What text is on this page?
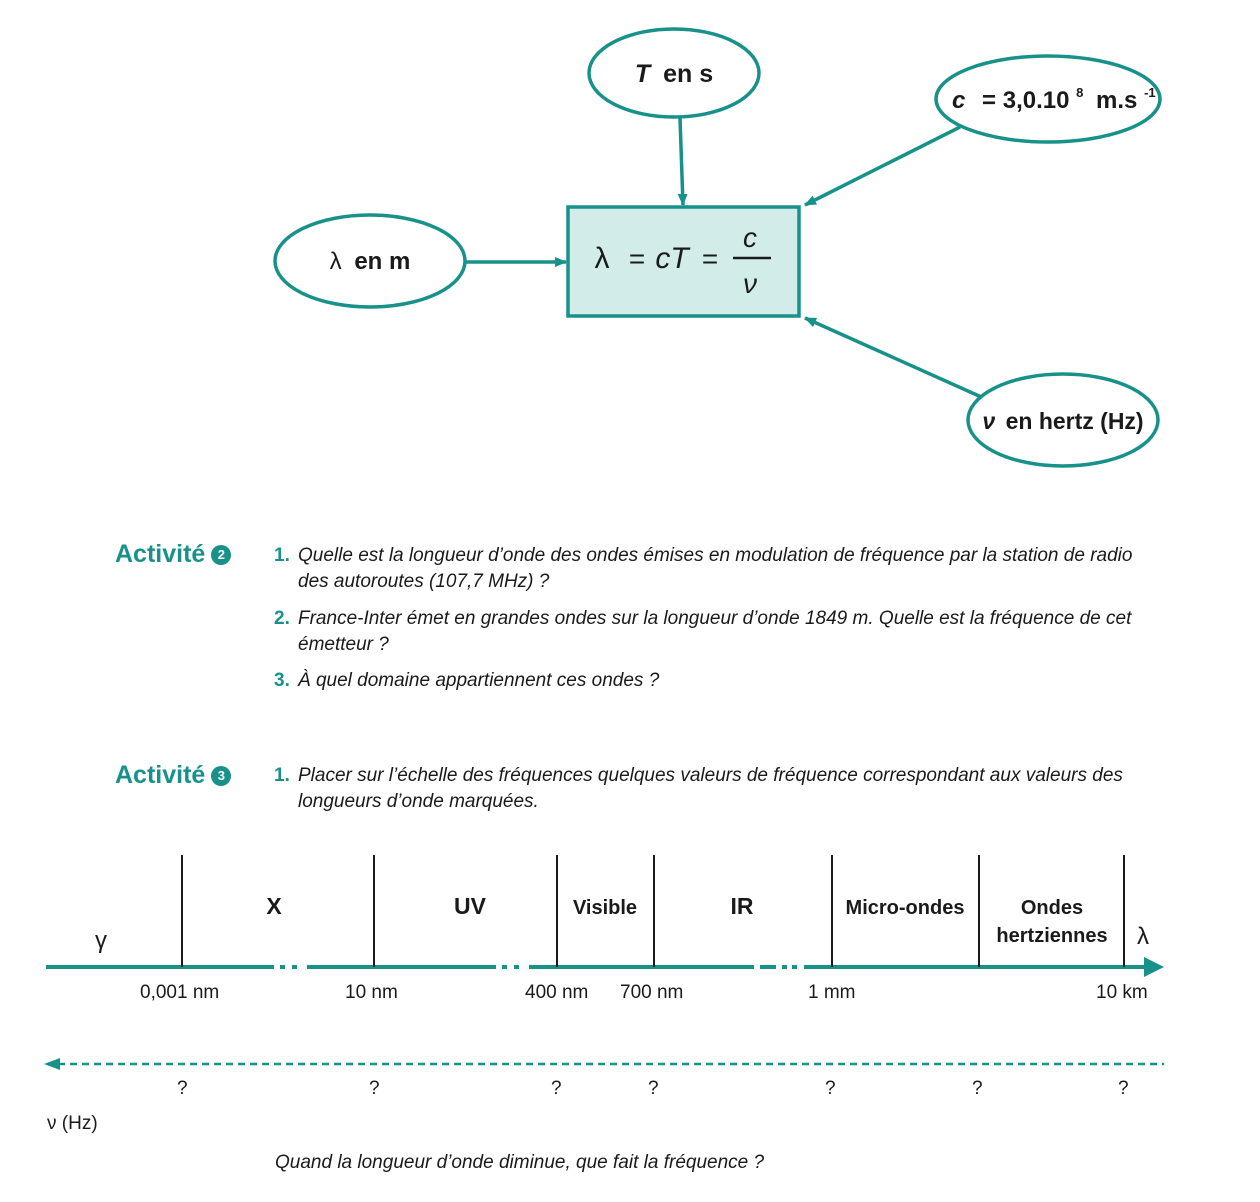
T en s
c = 3,0.10 $^8$ m.s $^{-1}$
λ en m
ν en hertz (Hz)
λ = cT =
c
ν
Activité 2	1. Quelle est la longueur d’onde des ondes émises en modulation de fréquence par la station de radio des autoroutes (107,7 MHz) ?
2. France-Inter émet en grandes ondes sur la longueur d’onde 1849 m. Quelle est la fréquence de cet émetteur ?
3. À quel domaine appartiennent ces ondes ?
Activité 3	1. Placer sur l’échelle des fréquences quelques valeurs de fréquence correspondant aux valeurs des longueurs d’onde marquées.
γ
X	UV	Visible	IR	Micro-ondes	Ondes
hertziennes λ
0,001 nm	10 nm	400 nm 700 nm	1 mm	10 km
?	?	?	?	?	?	?
ν (Hz)
Quand la longueur d’onde diminue, que fait la fréquence ?
